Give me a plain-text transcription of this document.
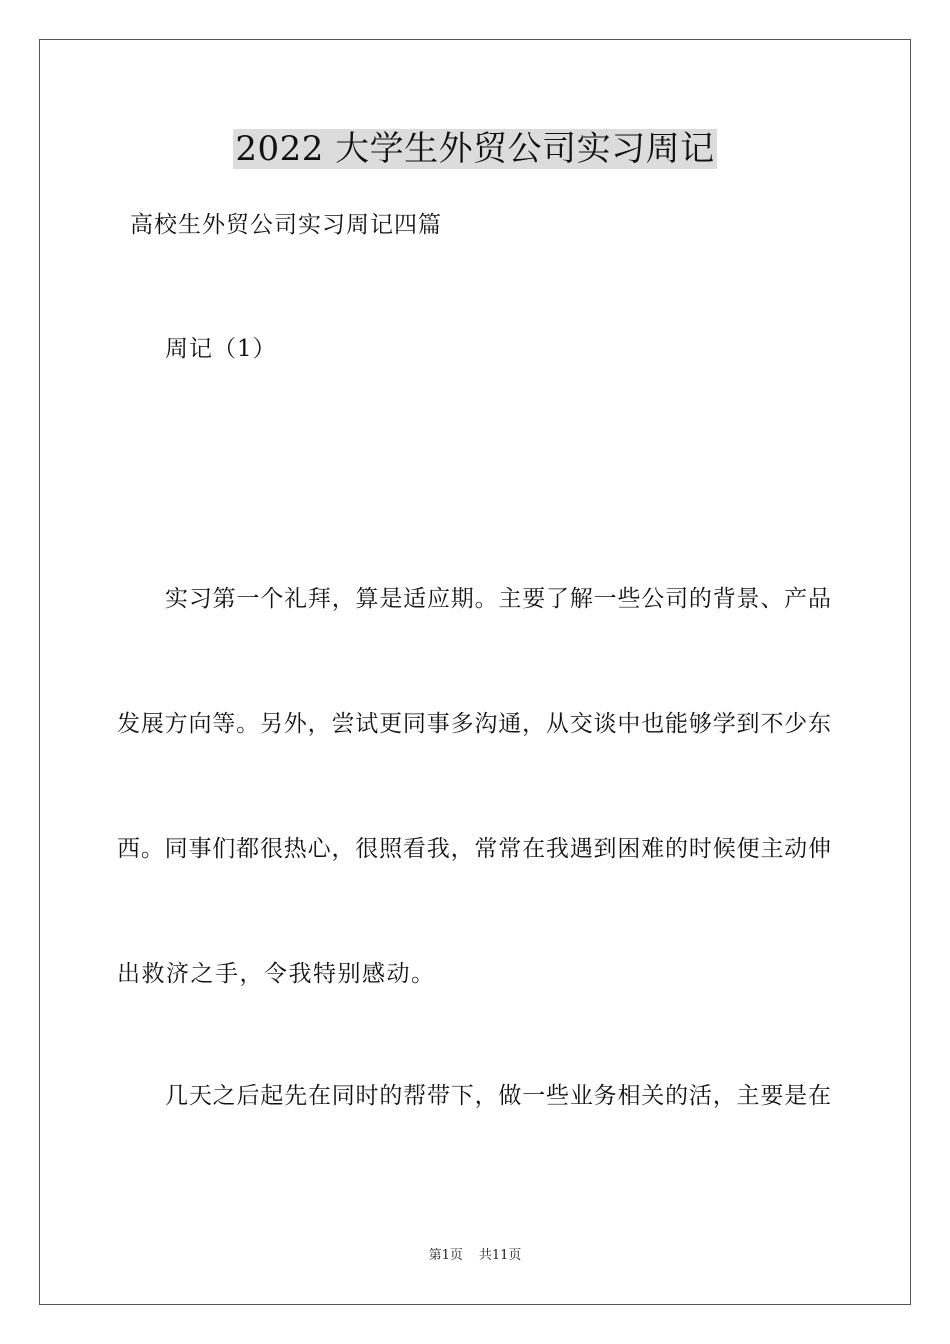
2022 大学生外贸公司实习周记

高校生外贸公司实习周记四篇

周记（1）

实习第一个礼拜，算是适应期。主要了解一些公司的背景、产品

发展方向等。另外，尝试更同事多沟通，从交谈中也能够学到不少东

西。同事们都很热心，很照看我，常常在我遇到困难的时候便主动伸

出救济之手，令我特别感动。

几天之后起先在同时的帮带下，做一些业务相关的活，主要是在

第1页 共11页
